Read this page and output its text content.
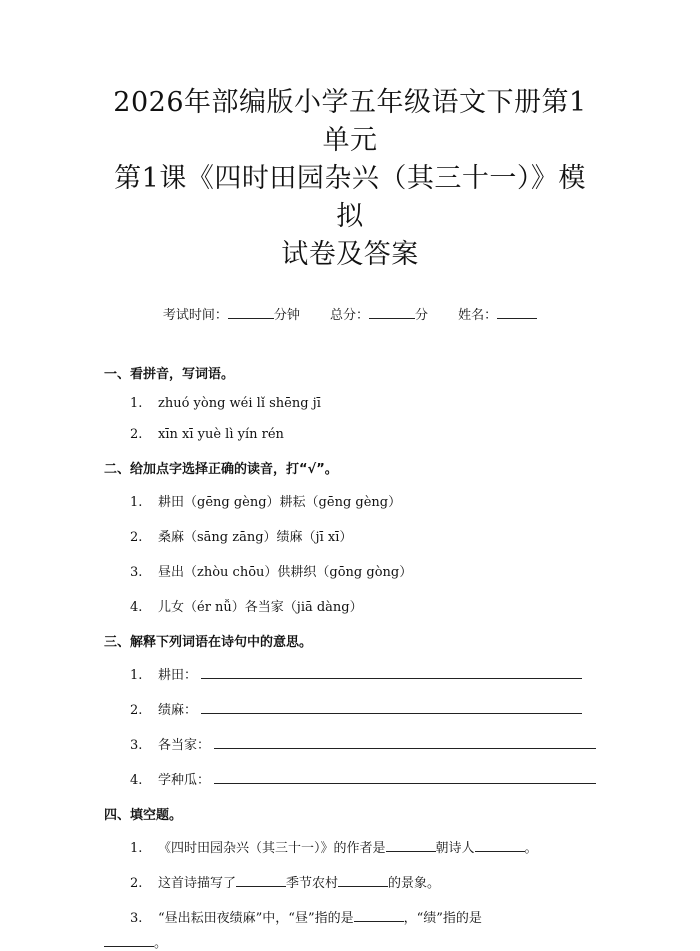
2026年部编版小学五年级语文下册第1单元
第1课《四时田园杂兴（其三十一）》模拟
试卷及答案
考试时间：	分钟 总分：	分 姓名：
一、看拼音，写词语。
1.	zhuó yòng wéi lǐ shēng jī
2.	xīn xī yuè lì yín rén
二、给加点字选择正确的读音，打“√”。
1.	耕田（gēng gèng）耕耘（gēng gèng）
2.	桑麻（sāng zāng）绩麻（jī xī）
3.	昼出（zhòu chōu）供耕织（gōng gòng）
4.	儿女（ér nǚ）各当家（jiā dàng）
三、解释下列词语在诗句中的意思。
1.	耕田：
2.	绩麻：
3.	各当家：
4.	学种瓜：
四、填空题。
1. 《四时田园杂兴（其三十一）》的作者是	朝诗人	。
2. 这首诗描写了	季节农村	的景象。
3. “昼出耘田夜绩麻”中，“昼”指的是	，“绩”指的是
。
